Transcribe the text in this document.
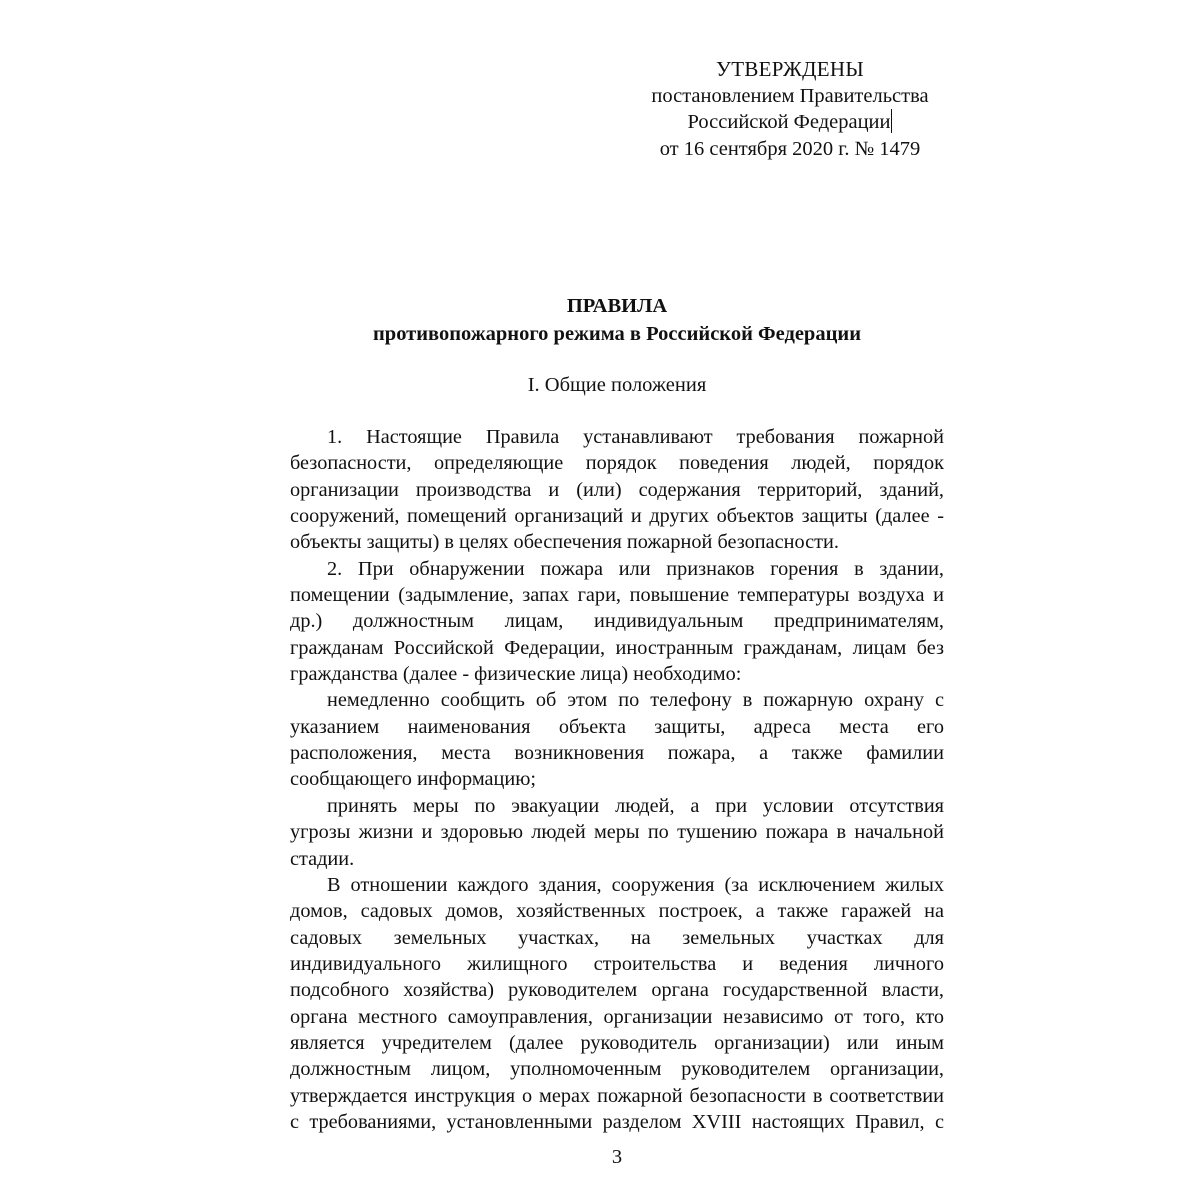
УТВЕРЖДЕНЫ
постановлением Правительства
Российской Федерации
от 16 сентября 2020 г. № 1479
ПРАВИЛА
противопожарного режима в Российской Федерации
I. Общие положения
1. Настоящие Правила устанавливают требования пожарной
безопасности, определяющие порядок поведения людей, порядок
организации производства и (или) содержания территорий, зданий,
сооружений, помещений организаций и других объектов защиты (далее -
объекты защиты) в целях обеспечения пожарной безопасности.
2. При обнаружении пожара или признаков горения в здании,
помещении (задымление, запах гари, повышение температуры воздуха и
др.) должностным лицам, индивидуальным предпринимателям,
гражданам Российской Федерации, иностранным гражданам, лицам без
гражданства (далее - физические лица) необходимо:
немедленно сообщить об этом по телефону в пожарную охрану с
указанием наименования объекта защиты, адреса места его
расположения, места возникновения пожара, а также фамилии
сообщающего информацию;
принять меры по эвакуации людей, а при условии отсутствия
угрозы жизни и здоровью людей меры по тушению пожара в начальной
стадии.
В отношении каждого здания, сооружения (за исключением жилых
домов, садовых домов, хозяйственных построек, а также гаражей на
садовых земельных участках, на земельных участках для
индивидуального жилищного строительства и ведения личного
подсобного хозяйства) руководителем органа государственной власти,
органа местного самоуправления, организации независимо от того, кто
является учредителем (далее руководитель организации) или иным
должностным лицом, уполномоченным руководителем организации,
утверждается инструкция о мерах пожарной безопасности в соответствии
с требованиями, установленными разделом XVIII настоящих Правил, с
3
